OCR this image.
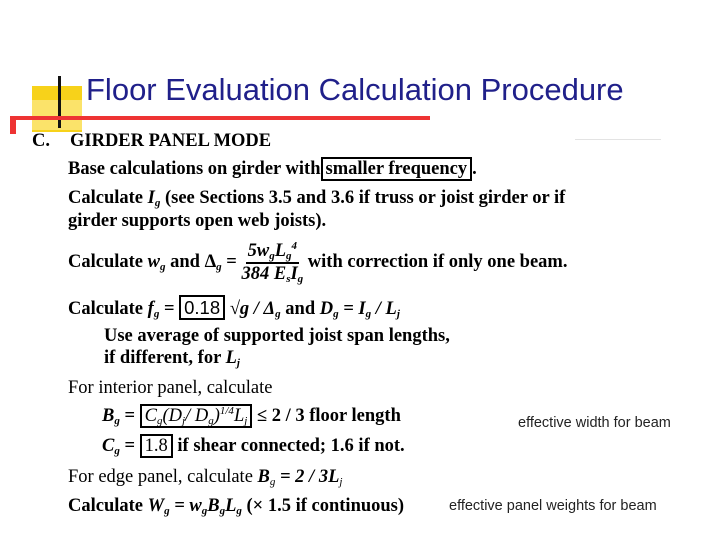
Floor Evaluation Calculation Procedure
C. GIRDER PANEL MODE
Base calculations on girder with smaller frequency .
Calculate $I_g$ (see Sections 3.5 and 3.6 if truss or joist girder or if
girder supports open web joists).
Calculate $w_g$ and $\Delta_g = \frac{5w_gL_g^4}{384 E_sI_g}$ with correction if only one beam.
Calculate $f_g = 0.18$ $√g / \Delta_g$ and $D_g = I_g / L_j$
Use average of supported joist span lengths,
if different, for $L_j$
For interior panel, calculate
$B_g = C_g(D_j/$ $D_g)^{1/4}L_j \le 2 / 3$ floor length
$C_g = 1.8$ if shear connected; 1.6 if not.
For edge panel, calculate $B_g = 2 / 3L_j$
Calculate $W_g = w_gB_gL_g$ (× 1.5 if continuous)
effective width for beam
effective panel weights for beam
